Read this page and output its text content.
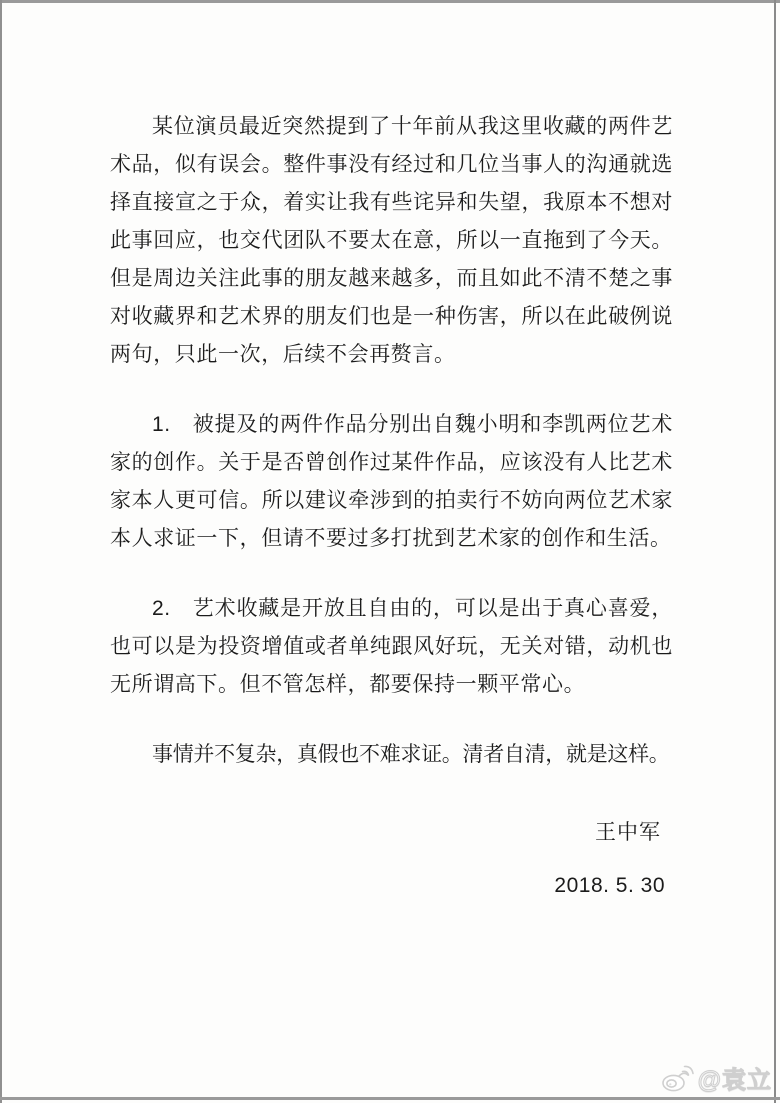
某位演员最近突然提到了十年前从我这里收藏的两件艺术品，似有误会。整件事没有经过和几位当事人的沟通就选择直接宣之于众，着实让我有些诧异和失望，我原本不想对此事回应，也交代团队不要太在意，所以一直拖到了今天。但是周边关注此事的朋友越来越多，而且如此不清不楚之事对收藏界和艺术界的朋友们也是一种伤害，所以在此破例说两句，只此一次，后续不会再赘言。

1.　被提及的两件作品分别出自魏小明和李凯两位艺术家的创作。关于是否曾创作过某件作品，应该没有人比艺术家本人更可信。所以建议牵涉到的拍卖行不妨向两位艺术家本人求证一下，但请不要过多打扰到艺术家的创作和生活。

2.　艺术收藏是开放且自由的，可以是出于真心喜爱，也可以是为投资增值或者单纯跟风好玩，无关对错，动机也无所谓高下。但不管怎样，都要保持一颗平常心。

事情并不复杂，真假也不难求证。清者自清，就是这样。

王中军
2018. 5. 30
@袁立
